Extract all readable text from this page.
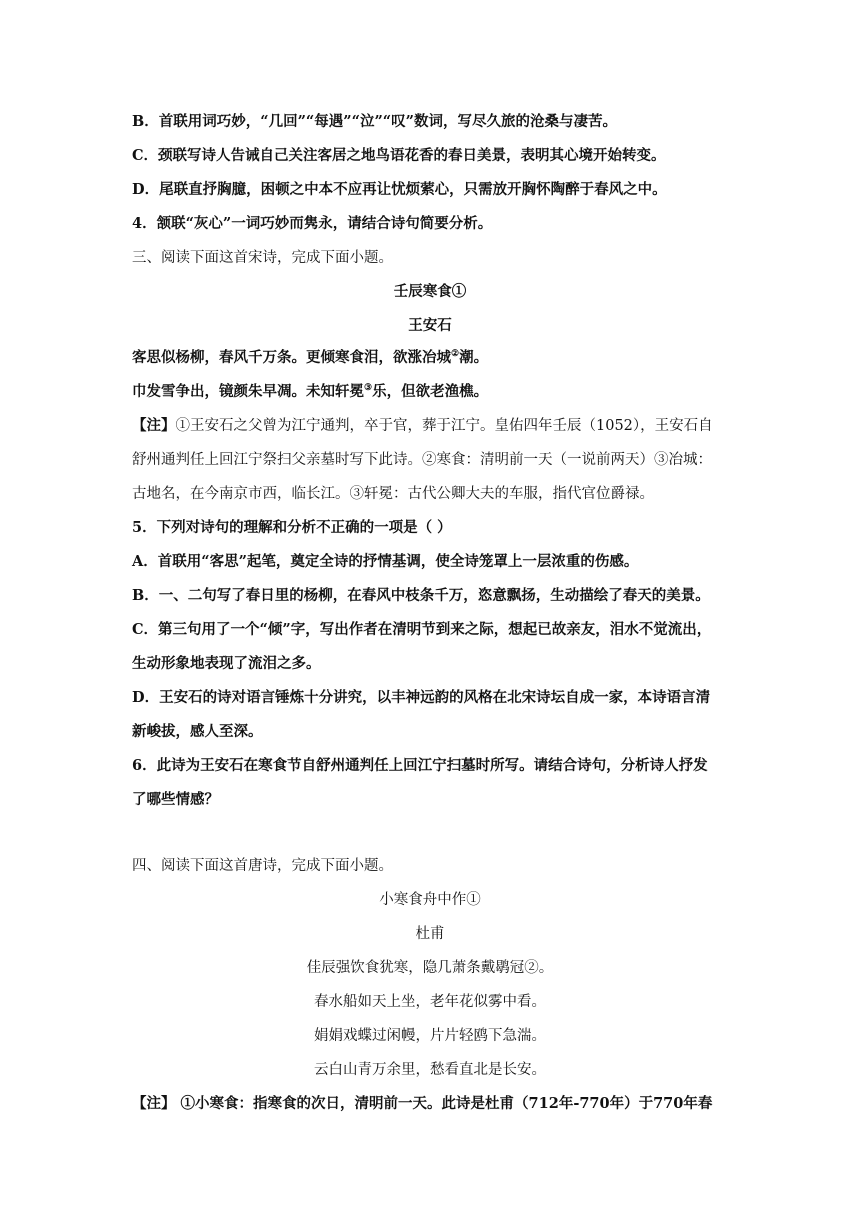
B．首联用词巧妙，“几回”“每遇”“泣”“叹”数词，写尽久旅的沧桑与凄苦。
C．颈联写诗人告诫自己关注客居之地鸟语花香的春日美景，表明其心境开始转变。
D．尾联直抒胸臆，困顿之中本不应再让忧烦萦心，只需放开胸怀陶醉于春风之中。
4．颔联“灰心”一词巧妙而隽永，请结合诗句简要分析。
三、阅读下面这首宋诗，完成下面小题。
壬辰寒食①
王安石
客思似杨柳，春风千万条。更倾寒食泪，欲涨冶城②潮。
巾发雪争出，镜颜朱早凋。未知轩冕③乐，但欲老渔樵。
【注】①王安石之父曾为江宁通判，卒于官，葬于江宁。皇佑四年壬辰（1052），王安石自
舒州通判任上回江宁祭扫父亲墓时写下此诗。②寒食：清明前一天（一说前两天）③冶城：
古地名，在今南京市西，临长江。③轩冕：古代公卿大夫的车服，指代官位爵禄。
5．下列对诗句的理解和分析不正确的一项是（ ）
A．首联用“客思”起笔，奠定全诗的抒情基调，使全诗笼罩上一层浓重的伤感。
B．一、二句写了春日里的杨柳，在春风中枝条千万，恣意飘扬，生动描绘了春天的美景。
C．第三句用了一个“倾”字，写出作者在清明节到来之际，想起已故亲友，泪水不觉流出，
生动形象地表现了流泪之多。
D．王安石的诗对语言锤炼十分讲究，以丰神远韵的风格在北宋诗坛自成一家，本诗语言清
新峻拔，感人至深。
6．此诗为王安石在寒食节自舒州通判任上回江宁扫墓时所写。请结合诗句，分析诗人抒发
了哪些情感？
四、阅读下面这首唐诗，完成下面小题。
小寒食舟中作①
杜甫
佳辰强饮食犹寒，隐几萧条戴鹖冠②。
春水船如天上坐，老年花似雾中看。
娟娟戏蝶过闲幔，片片轻鸥下急湍。
云白山青万余里，愁看直北是长安。
【注】 ①小寒食：指寒食的次日，清明前一天。此诗是杜甫（712年-770年）于770年春
